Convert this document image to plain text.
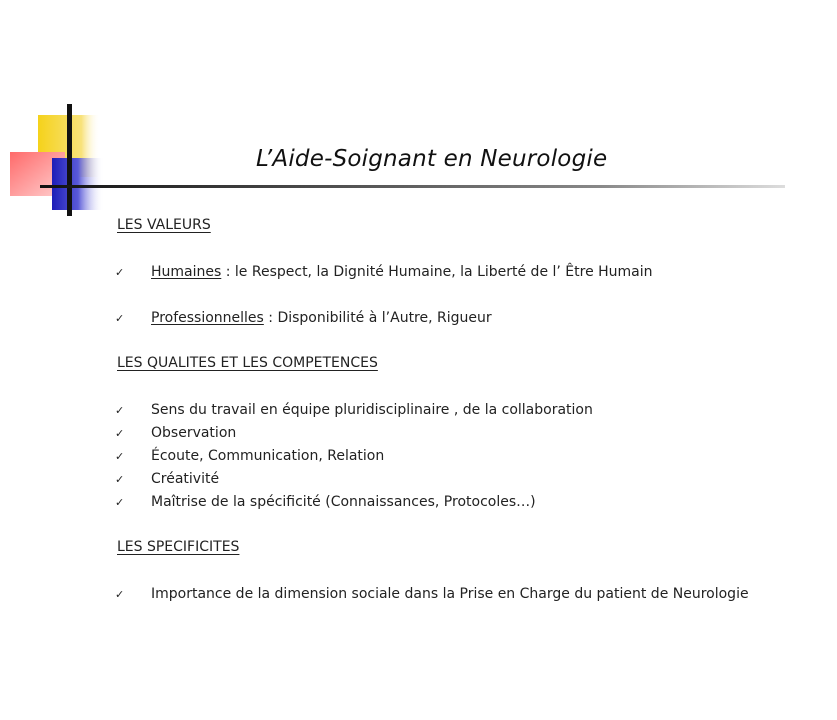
L’Aide-Soignant en Neurologie
LES VALEURS
✓	Humaines : le Respect, la Dignité Humaine, la Liberté de l’ Être Humain
✓	Professionnelles : Disponibilité à l’Autre, Rigueur
LES QUALITES ET LES COMPETENCES
✓	Sens du travail en équipe pluridisciplinaire , de la collaboration
✓	Observation
✓	Écoute, Communication, Relation
✓	Créativité
✓	Maîtrise de la spécificité (Connaissances, Protocoles…)
LES SPECIFICITES
✓	Importance de la dimension sociale dans la Prise en Charge du patient de Neurologie
